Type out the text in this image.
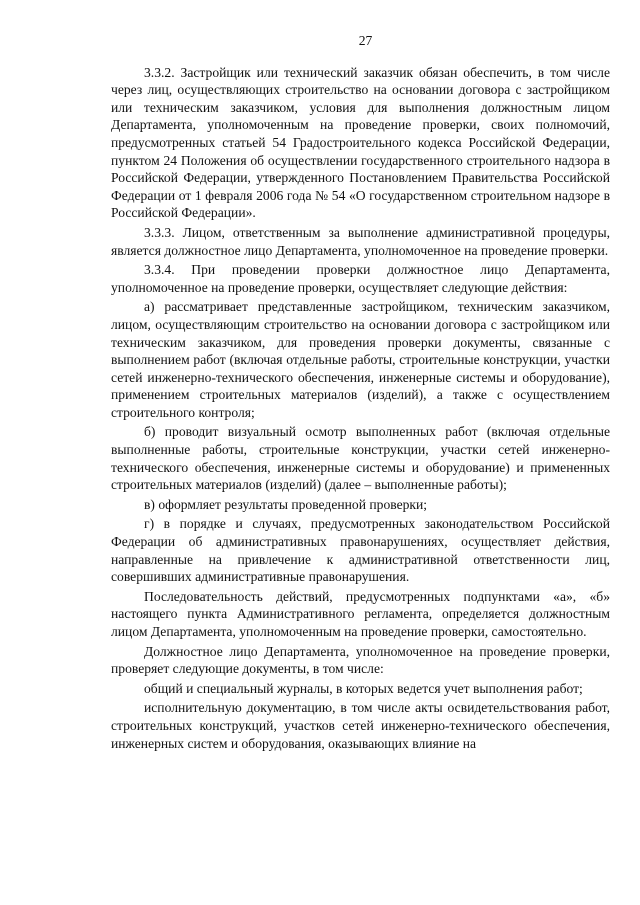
27

3.3.2. Застройщик или технический заказчик обязан обеспечить, в том числе через лиц, осуществляющих строительство на основании договора с застройщиком или техническим заказчиком, условия для выполнения должностным лицом Департамента, уполномоченным на проведение проверки, своих полномочий, предусмотренных статьей 54 Градостроительного кодекса Российской Федерации, пунктом 24 Положения об осуществлении государственного строительного надзора в Российской Федерации, утвержденного Постановлением Правительства Российской Федерации от 1 февраля 2006 года № 54 «О государственном строительном надзоре в Российской Федерации».

3.3.3. Лицом, ответственным за выполнение административной процедуры, является должностное лицо Департамента, уполномоченное на проведение проверки.

3.3.4. При проведении проверки должностное лицо Департамента, уполномоченное на проведение проверки, осуществляет следующие действия:

а) рассматривает представленные застройщиком, техническим заказчиком, лицом, осуществляющим строительство на основании договора с застройщиком или техническим заказчиком, для проведения проверки документы, связанные с выполнением работ (включая отдельные работы, строительные конструкции, участки сетей инженерно-технического обеспечения, инженерные системы и оборудование), применением строительных материалов (изделий), а также с осуществлением строительного контроля;

б) проводит визуальный осмотр выполненных работ (включая отдельные выполненные работы, строительные конструкции, участки сетей инженерно-технического обеспечения, инженерные системы и оборудование) и примененных строительных материалов (изделий) (далее – выполненные работы);

в) оформляет результаты проведенной проверки;

г) в порядке и случаях, предусмотренных законодательством Российской Федерации об административных правонарушениях, осуществляет действия, направленные на привлечение к административной ответственности лиц, совершивших административные правонарушения.

Последовательность действий, предусмотренных подпунктами «а», «б» настоящего пункта Административного регламента, определяется должностным лицом Департамента, уполномоченным на проведение проверки, самостоятельно.

Должностное лицо Департамента, уполномоченное на проведение проверки, проверяет следующие документы, в том числе:

общий и специальный журналы, в которых ведется учет выполнения работ;

исполнительную документацию, в том числе акты освидетельствования работ, строительных конструкций, участков сетей инженерно-технического обеспечения, инженерных систем и оборудования, оказывающих влияние на
